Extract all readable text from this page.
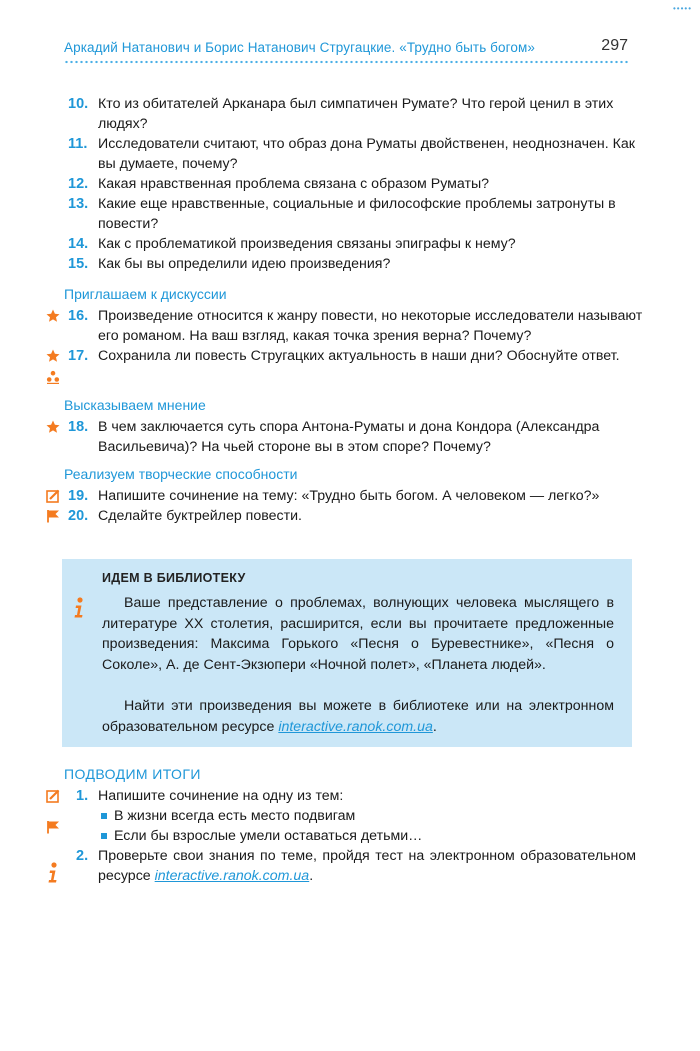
•••••
Аркадий Натанович и Борис Натанович Стругацкие. «Трудно быть богом»	297
10. Кто из обитателей Арканара был симпатичен Румате? Что герой ценил в этих людях?
11. Исследователи считают, что образ дона Руматы двойственен, неоднозначен. Как вы думаете, почему?
12. Какая нравственная проблема связана с образом Руматы?
13. Какие еще нравственные, социальные и философские проблемы затронуты в повести?
14. Как с проблематикой произведения связаны эпиграфы к нему?
15. Как бы вы определили идею произведения?
Приглашаем к дискуссии
16. Произведение относится к жанру повести, но некоторые исследователи называют его романом. На ваш взгляд, какая точка зрения верна? Почему?
17. Сохранила ли повесть Стругацких актуальность в наши дни? Обоснуйте ответ.
Высказываем мнение
18. В чем заключается суть спора Антона-Руматы и дона Кондора (Александра Васильевича)? На чьей стороне вы в этом споре? Почему?
Реализуем творческие способности
19. Напишите сочинение на тему: «Трудно быть богом. А человеком — легко?»
20. Сделайте буктрейлер повести.
ИДЕМ В БИБЛИОТЕКУ
Ваше представление о проблемах, волнующих человека мыслящего в литературе ХХ столетия, расширится, если вы прочитаете предложенные произведения: Максима Горького «Песня о Буревестнике», «Песня о Соколе», А. де Сент-Экзюпери «Ночной полет», «Планета людей».
Найти эти произведения вы можете в библиотеке или на электронном образовательном ресурсе interactive.ranok.com.ua.
ПОДВОДИМ ИТОГИ
1. Напишите сочинение на одну из тем:
В жизни всегда есть место подвигам
Если бы взрослые умели оставаться детьми…
2. Проверьте свои знания по теме, пройдя тест на электронном образовательном ресурсе interactive.ranok.com.ua.
